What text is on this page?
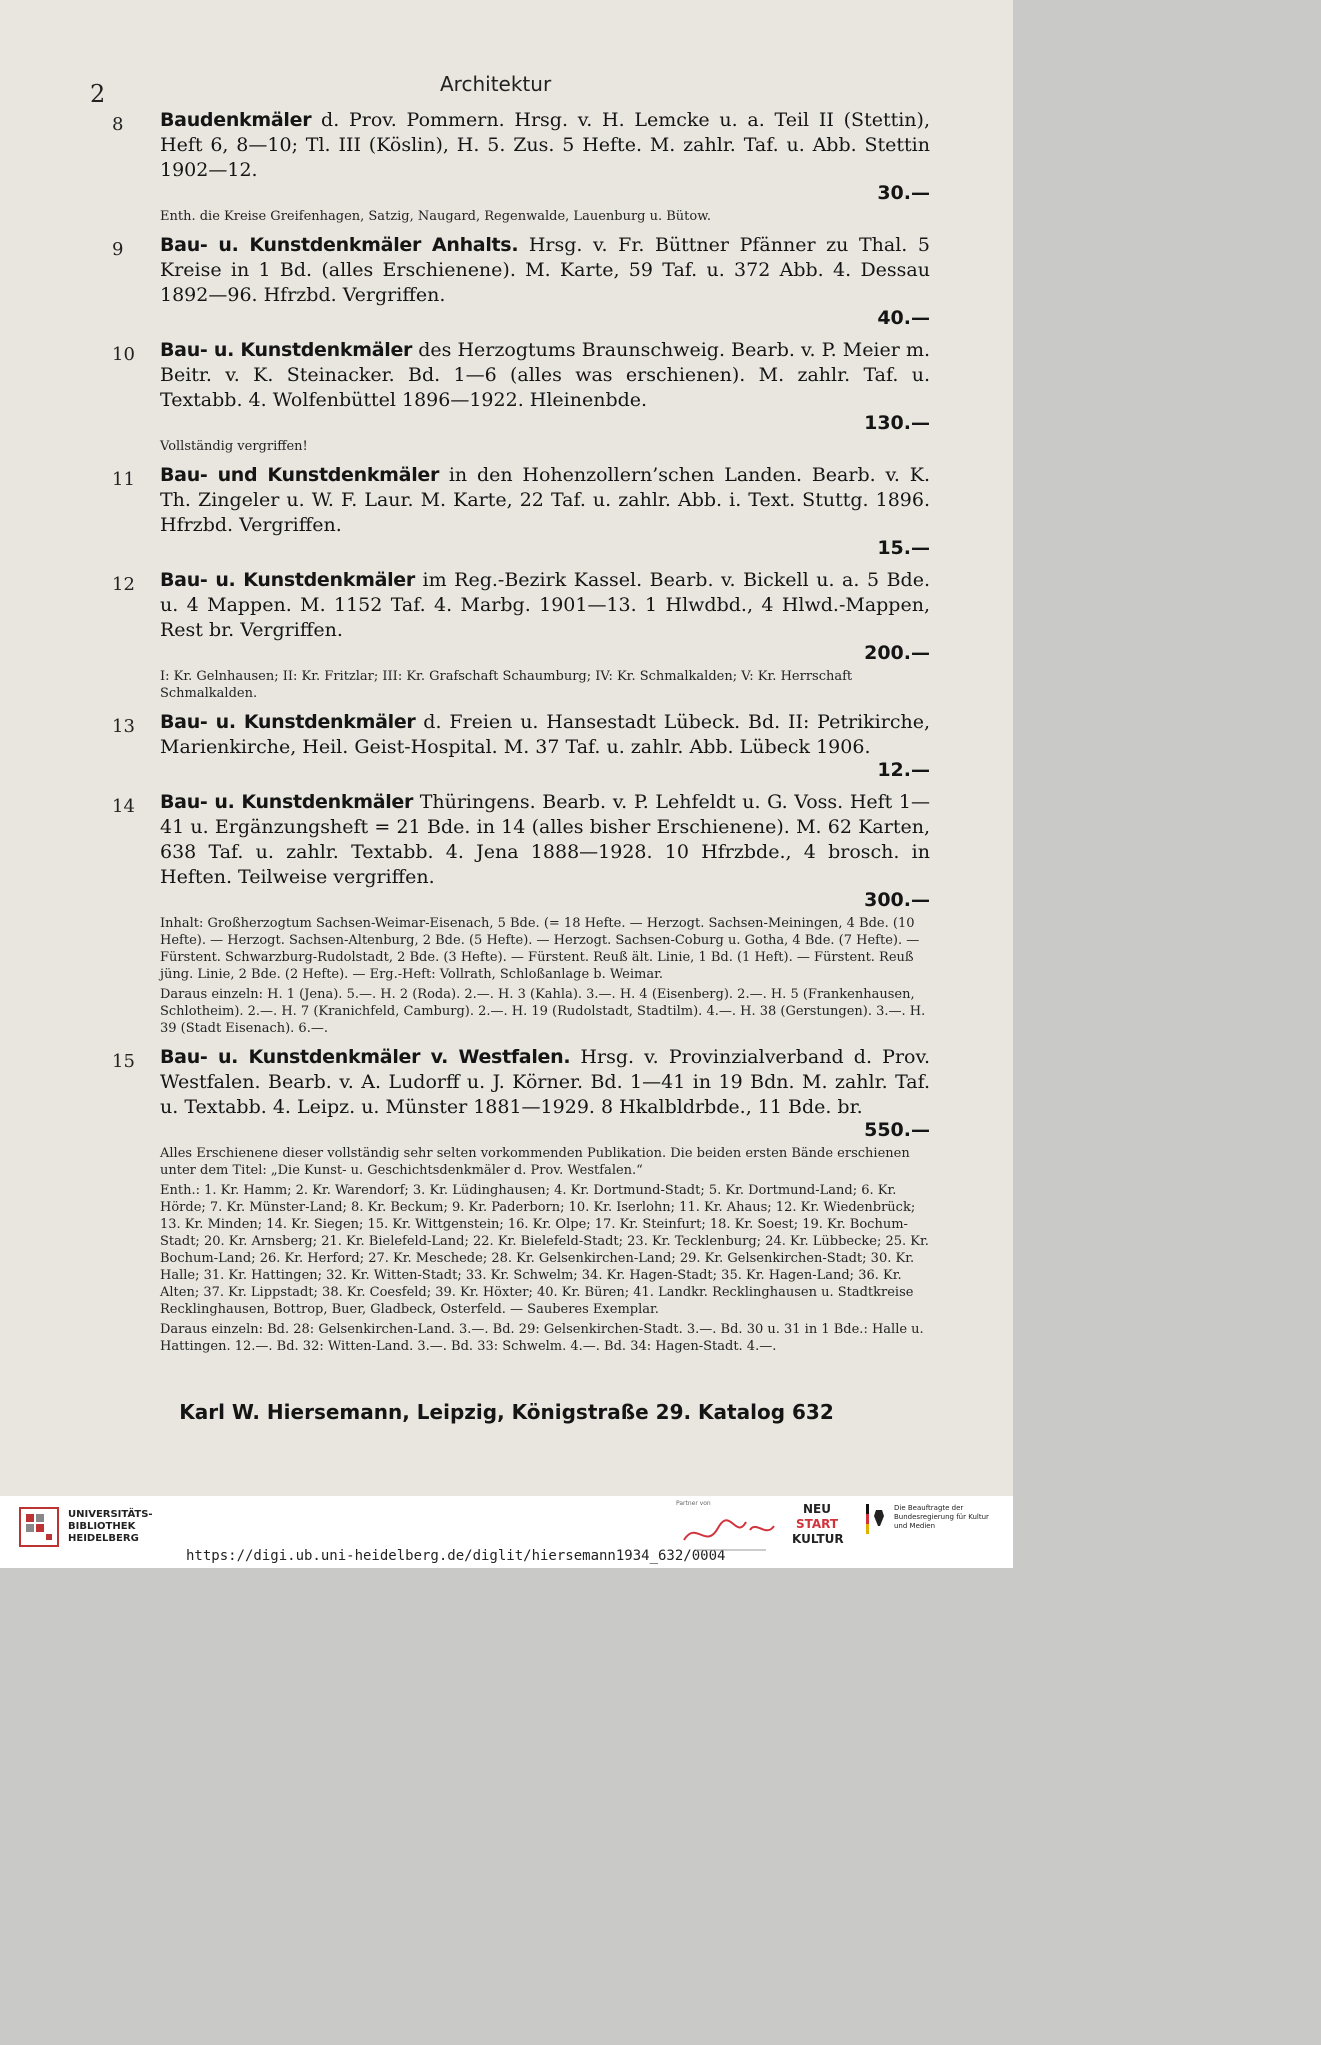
2	Architektur
8	Baudenkmäler d. Prov. Pommern. Hrsg. v. H. Lemcke u. a. Teil II (Stettin), Heft 6, 8—10; Tl. III (Köslin), H. 5. Zus. 5 Hefte. M. zahlr. Taf. u. Abb. Stettin 1902—12.
30.—
Enth. die Kreise Greifenhagen, Satzig, Naugard, Regenwalde, Lauenburg u. Bütow.
9	Bau- u. Kunstdenkmäler Anhalts. Hrsg. v. Fr. Büttner Pfänner zu Thal. 5 Kreise in 1 Bd. (alles Erschienene). M. Karte, 59 Taf. u. 372 Abb. 4. Dessau 1892—96. Hfrzbd. Vergriffen.
40.—
10	Bau- u. Kunstdenkmäler des Herzogtums Braunschweig. Bearb. v. P. Meier m. Beitr. v. K. Steinacker. Bd. 1—6 (alles was erschienen). M. zahlr. Taf. u. Textabb. 4. Wolfenbüttel 1896—1922. Hleinenbde.
130.—
Vollständig vergriffen!
11	Bau- und Kunstdenkmäler in den Hohenzollern’schen Landen. Bearb. v. K. Th. Zingeler u. W. F. Laur. M. Karte, 22 Taf. u. zahlr. Abb. i. Text. Stuttg. 1896. Hfrzbd. Vergriffen.
15.—
12	Bau- u. Kunstdenkmäler im Reg.-Bezirk Kassel. Bearb. v. Bickell u. a. 5 Bde. u. 4 Mappen. M. 1152 Taf. 4. Marbg. 1901—13. 1 Hlwdbd., 4 Hlwd.-Mappen, Rest br. Vergriffen.
200.—
I: Kr. Gelnhausen; II: Kr. Fritzlar; III: Kr. Grafschaft Schaumburg; IV: Kr. Schmalkalden; V: Kr. Herrschaft Schmalkalden.
13	Bau- u. Kunstdenkmäler d. Freien u. Hansestadt Lübeck. Bd. II: Petrikirche, Marienkirche, Heil. Geist-Hospital. M. 37 Taf. u. zahlr. Abb. Lübeck 1906.
12.—
14	Bau- u. Kunstdenkmäler Thüringens. Bearb. v. P. Lehfeldt u. G. Voss. Heft 1—41 u. Ergänzungsheft = 21 Bde. in 14 (alles bisher Erschienene). M. 62 Karten, 638 Taf. u. zahlr. Textabb. 4. Jena 1888—1928. 10 Hfrzbde., 4 brosch. in Heften. Teilweise vergriffen.
300.—
Inhalt: Großherzogtum Sachsen-Weimar-Eisenach, 5 Bde. (= 18 Hefte. — Herzogt. Sachsen-Meiningen, 4 Bde. (10 Hefte). — Herzogt. Sachsen-Altenburg, 2 Bde. (5 Hefte). — Herzogt. Sachsen-Coburg u. Gotha, 4 Bde. (7 Hefte). — Fürstent. Schwarzburg-Rudolstadt, 2 Bde. (3 Hefte). — Fürstent. Reuß ält. Linie, 1 Bd. (1 Heft). — Fürstent. Reuß jüng. Linie, 2 Bde. (2 Hefte). — Erg.-Heft: Vollrath, Schloßanlage b. Weimar.
Daraus einzeln: H. 1 (Jena). 5.—. H. 2 (Roda). 2.—. H. 3 (Kahla). 3.—. H. 4 (Eisenberg). 2.—. H. 5 (Frankenhausen, Schlotheim). 2.—. H. 7 (Kranichfeld, Camburg). 2.—. H. 19 (Rudolstadt, Stadtilm). 4.—. H. 38 (Gerstungen). 3.—. H. 39 (Stadt Eisenach). 6.—.
15	Bau- u. Kunstdenkmäler v. Westfalen. Hrsg. v. Provinzialverband d. Prov. Westfalen. Bearb. v. A. Ludorff u. J. Körner. Bd. 1—41 in 19 Bdn. M. zahlr. Taf. u. Textabb. 4. Leipz. u. Münster 1881—1929. 8 Hkalbldrbde., 11 Bde. br.
550.—
Alles Erschienene dieser vollständig sehr selten vorkommenden Publikation. Die beiden ersten Bände erschienen unter dem Titel: „Die Kunst- u. Geschichtsdenkmäler d. Prov. Westfalen.“
Enth.: 1. Kr. Hamm; 2. Kr. Warendorf; 3. Kr. Lüdinghausen; 4. Kr. Dortmund-Stadt; 5. Kr. Dortmund-Land; 6. Kr. Hörde; 7. Kr. Münster-Land; 8. Kr. Beckum; 9. Kr. Paderborn; 10. Kr. Iserlohn; 11. Kr. Ahaus; 12. Kr. Wiedenbrück; 13. Kr. Minden; 14. Kr. Siegen; 15. Kr. Wittgenstein; 16. Kr. Olpe; 17. Kr. Steinfurt; 18. Kr. Soest; 19. Kr. Bochum-Stadt; 20. Kr. Arnsberg; 21. Kr. Bielefeld-Land; 22. Kr. Bielefeld-Stadt; 23. Kr. Tecklenburg; 24. Kr. Lübbecke; 25. Kr. Bochum-Land; 26. Kr. Herford; 27. Kr. Meschede; 28. Kr. Gelsenkirchen-Land; 29. Kr. Gelsenkirchen-Stadt; 30. Kr. Halle; 31. Kr. Hattingen; 32. Kr. Witten-Stadt; 33. Kr. Schwelm; 34. Kr. Hagen-Stadt; 35. Kr. Hagen-Land; 36. Kr. Alten; 37. Kr. Lippstadt; 38. Kr. Coesfeld; 39. Kr. Höxter; 40. Kr. Büren; 41. Landkr. Recklinghausen u. Stadtkreise Recklinghausen, Bottrop, Buer, Gladbeck, Osterfeld. — Sauberes Exemplar.
Daraus einzeln: Bd. 28: Gelsenkirchen-Land. 3.—. Bd. 29: Gelsenkirchen-Stadt. 3.—. Bd. 30 u. 31 in 1 Bde.: Halle u. Hattingen. 12.—. Bd. 32: Witten-Land. 3.—. Bd. 33: Schwelm. 4.—. Bd. 34: Hagen-Stadt. 4.—.
Karl W. Hiersemann, Leipzig, Königstraße 29. Katalog 632
UNIVERSITÄTS-
BIBLIOTHEK
HEIDELBERG
https://digi.ub.uni-heidelberg.de/diglit/hiersemann1934_632/0004
Partner von	NEU
START
KULTUR
Die Beauftragte der Bundesregierung für Kultur und Medien
